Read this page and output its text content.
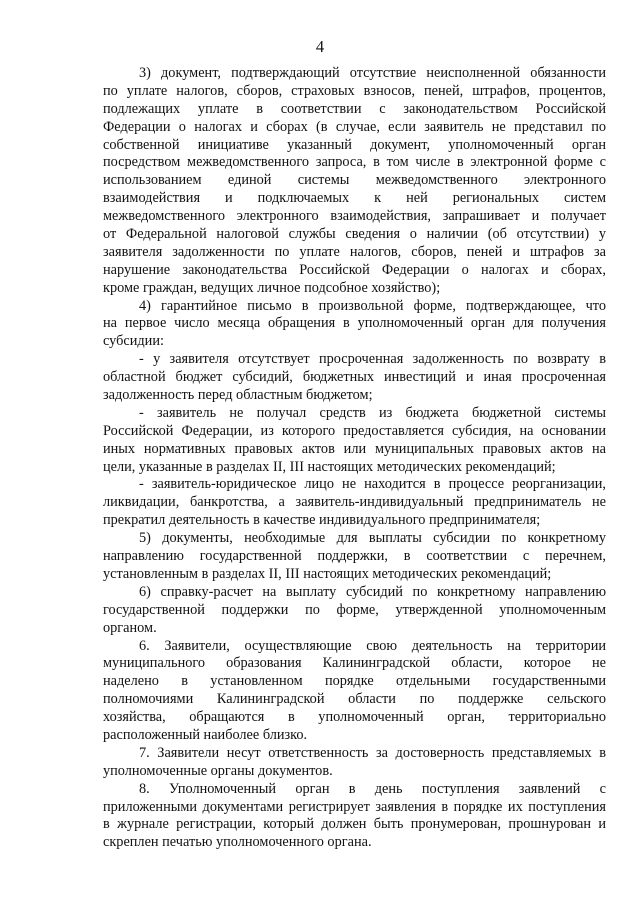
4
3) документ, подтверждающий отсутствие неисполненной обязанности
по уплате налогов, сборов, страховых взносов, пеней, штрафов, процентов,
подлежащих уплате в соответствии с законодательством Российской
Федерации о налогах и сборах (в случае, если заявитель не представил по
собственной инициативе указанный документ, уполномоченный орган
посредством межведомственного запроса, в том числе в электронной форме с
использованием единой системы межведомственного электронного
взаимодействия и подключаемых к ней региональных систем
межведомственного электронного взаимодействия, запрашивает и получает
от Федеральной налоговой службы сведения о наличии (об отсутствии) у
заявителя задолженности по уплате налогов, сборов, пеней и штрафов за
нарушение законодательства Российской Федерации о налогах и сборах,
кроме граждан, ведущих личное подсобное хозяйство);
4) гарантийное письмо в произвольной форме, подтверждающее, что
на первое число месяца обращения в уполномоченный орган для получения
субсидии:
- у заявителя отсутствует просроченная задолженность по возврату в
областной бюджет субсидий, бюджетных инвестиций и иная просроченная
задолженность перед областным бюджетом;
- заявитель не получал средств из бюджета бюджетной системы
Российской Федерации, из которого предоставляется субсидия, на основании
иных нормативных правовых актов или муниципальных правовых актов на
цели, указанные в разделах II, III настоящих методических рекомендаций;
- заявитель-юридическое лицо не находится в процессе реорганизации,
ликвидации, банкротства, а заявитель-индивидуальный предприниматель не
прекратил деятельность в качестве индивидуального предпринимателя;
5) документы, необходимые для выплаты субсидии по конкретному
направлению государственной поддержки, в соответствии с перечнем,
установленным в разделах II, III настоящих методических рекомендаций;
6) справку-расчет на выплату субсидий по конкретному направлению
государственной поддержки по форме, утвержденной уполномоченным
органом.
6. Заявители, осуществляющие свою деятельность на территории
муниципального образования Калининградской области, которое не
наделено в установленном порядке отдельными государственными
полномочиями Калининградской области по поддержке сельского
хозяйства, обращаются в уполномоченный орган, территориально
расположенный наиболее близко.
7. Заявители несут ответственность за достоверность представляемых в
уполномоченные органы документов.
8. Уполномоченный орган в день поступления заявлений с
приложенными документами регистрирует заявления в порядке их поступления
в журнале регистрации, который должен быть пронумерован, прошнурован и
скреплен печатью уполномоченного органа.
